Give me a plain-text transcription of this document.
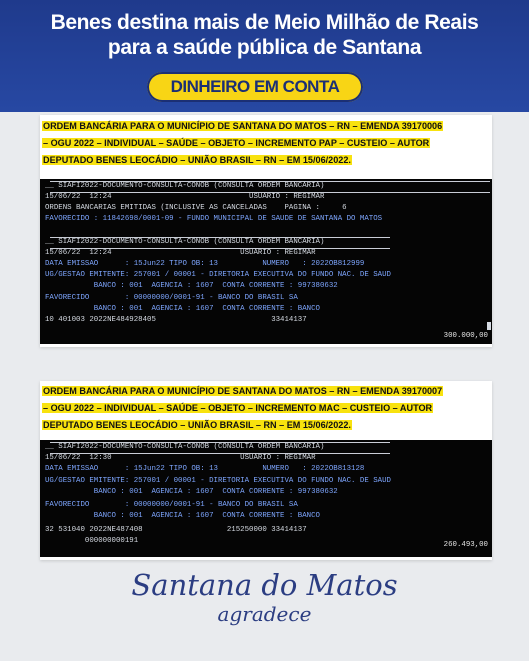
Benes destina mais de Meio Milhão de Reais
para a saúde pública de Santana
DINHEIRO EM CONTA
ORDEM BANCÁRIA PARA O MUNICÍPIO DE SANTANA DO MATOS – RN – EMENDA 39170006
– OGU 2022 – INDIVIDUAL – SAÚDE – OBJETO – INCREMENTO PAP – CUSTEIO – AUTOR
DEPUTADO BENES LEOCÁDIO – UNIÃO BRASIL – RN – EM 15/06/2022.

__ SIAFI2022-DOCUMENTO-CONSULTA-CONOB (CONSULTA ORDEM BANCARIA)

15/06/22  12:24                               USUARIO : REGIMAR

ORDENS BANCARIAS EMITIDAS (INCLUSIVE AS CANCELADAS    PAGINA :     6

FAVORECIDO : 11842698/0001-09 - FUNDO MUNICIPAL DE SAUDE DE SANTANA DO MATOS

__ SIAFI2022-DOCUMENTO-CONSULTA-CONOB (CONSULTA ORDEM BANCARIA)

15/06/22  12:24                             USUARIO : REGIMAR

DATA EMISSAO      : 15Jun22 TIPO OB: 13          NUMERO   : 2022OB812999

UG/GESTAO EMITENTE: 257001 / 00001 - DIRETORIA EXECUTIVA DO FUNDO NAC. DE SAUD

BANCO : 001  AGENCIA : 1607  CONTA CORRENTE : 997380632

FAVORECIDO        : 00000000/0001-91 - BANCO DO BRASIL SA

BANCO : 001  AGENCIA : 1607  CONTA CORRENTE : BANCO

10 401003 2022NE484928405                          33414137

300.000,00

ORDEM BANCÁRIA PARA O MUNICÍPIO DE SANTANA DO MATOS – RN – EMENDA 39170007
– OGU 2022 – INDIVIDUAL – SAÚDE – OBJETO – INCREMENTO MAC – CUSTEIO – AUTOR
DEPUTADO BENES LEOCÁDIO – UNIÃO BRASIL – RN – EM 15/06/2022.

__ SIAFI2022-DOCUMENTO-CONSULTA-CONOB (CONSULTA ORDEM BANCARIA)

15/06/22  12:30                             USUARIO : REGIMAR

DATA EMISSAO      : 15Jun22 TIPO OB: 13          NUMERO   : 2022OB813128

UG/GESTAO EMITENTE: 257001 / 00001 - DIRETORIA EXECUTIVA DO FUNDO NAC. DE SAUD

BANCO : 001  AGENCIA : 1607  CONTA CORRENTE : 997380632

FAVORECIDO        : 00000000/0001-91 - BANCO DO BRASIL SA

BANCO : 001  AGENCIA : 1607  CONTA CORRENTE : BANCO

32 531040 2022NE487408                   215250000 33414137

000000000191

	260.493,00

Santana do Matos
agradece
